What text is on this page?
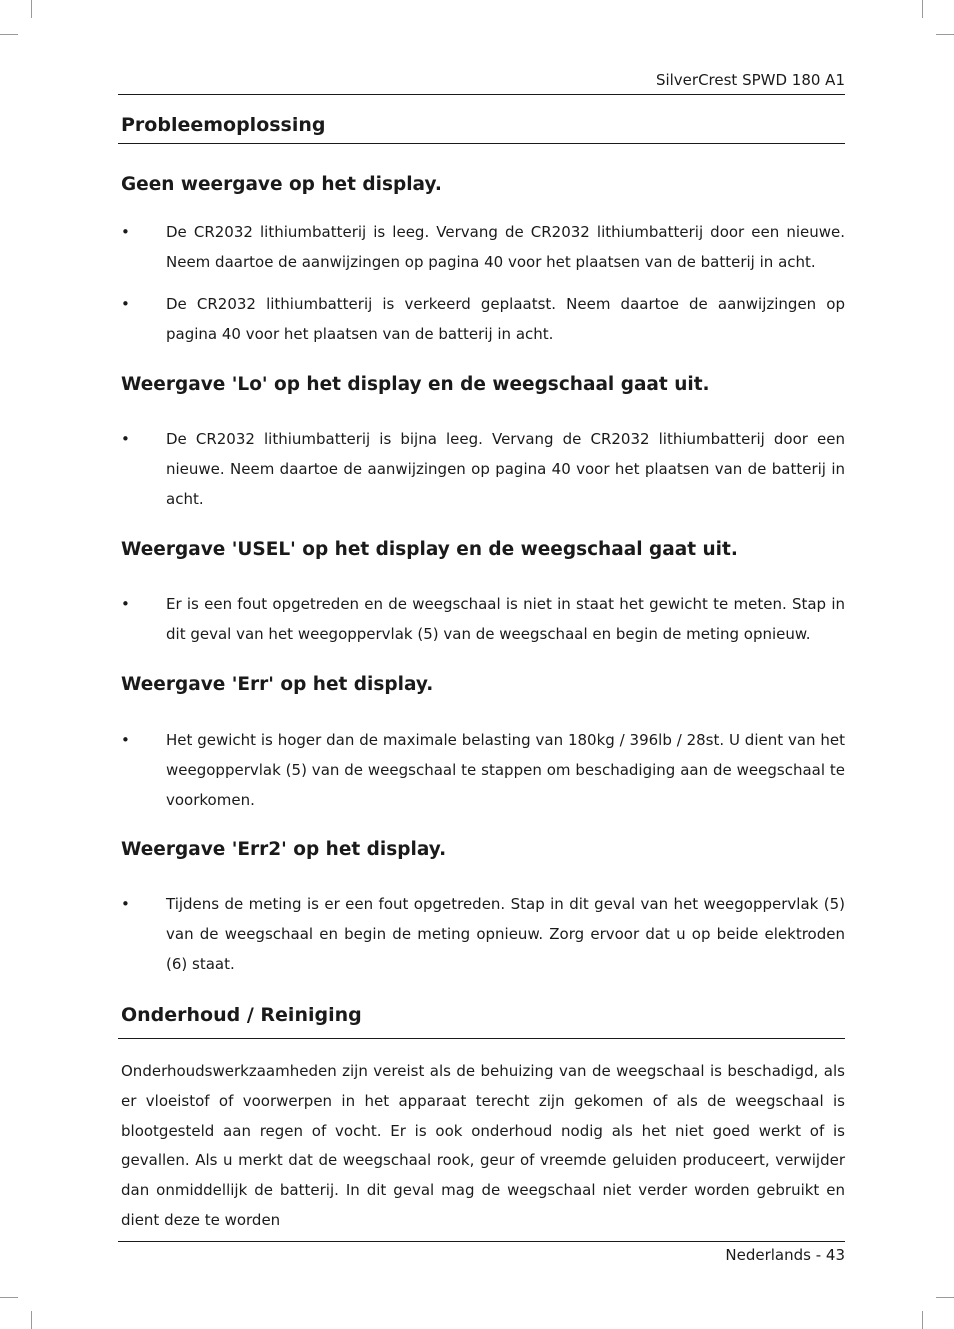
SilverCrest SPWD 180 A1
Probleemoplossing
Geen weergave op het display.
• De CR2032 lithiumbatterij is leeg. Vervang de CR2032 lithiumbatterij door een nieuwe. Neem daartoe de aanwijzingen op pagina 40 voor het plaatsen van de batterij in acht.
• De CR2032 lithiumbatterij is verkeerd geplaatst. Neem daartoe de aanwijzingen op pagina 40 voor het plaatsen van de batterij in acht.
Weergave 'Lo' op het display en de weegschaal gaat uit.
• De CR2032 lithiumbatterij is bijna leeg. Vervang de CR2032 lithiumbatterij door een nieuwe. Neem daartoe de aanwijzingen op pagina 40 voor het plaatsen van de batterij in acht.
Weergave 'USEL' op het display en de weegschaal gaat uit.
• Er is een fout opgetreden en de weegschaal is niet in staat het gewicht te meten. Stap in dit geval van het weegoppervlak (5) van de weegschaal en begin de meting opnieuw.
Weergave 'Err' op het display.
• Het gewicht is hoger dan de maximale belasting van 180kg / 396lb / 28st. U dient van het weegoppervlak (5) van de weegschaal te stappen om beschadiging aan de weegschaal te voorkomen.
Weergave 'Err2' op het display.
• Tijdens de meting is er een fout opgetreden. Stap in dit geval van het weegoppervlak (5) van de weegschaal en begin de meting opnieuw. Zorg ervoor dat u op beide elektroden (6) staat.
Onderhoud / Reiniging
Onderhoudswerkzaamheden zijn vereist als de behuizing van de weegschaal is beschadigd, als er vloeistof of voorwerpen in het apparaat terecht zijn gekomen of als de weegschaal is blootgesteld aan regen of vocht. Er is ook onderhoud nodig als het niet goed werkt of is gevallen. Als u merkt dat de weegschaal rook, geur of vreemde geluiden produceert, verwijder dan onmiddellijk de batterij. In dit geval mag de weegschaal niet verder worden gebruikt en dient deze te worden
Nederlands - 43
